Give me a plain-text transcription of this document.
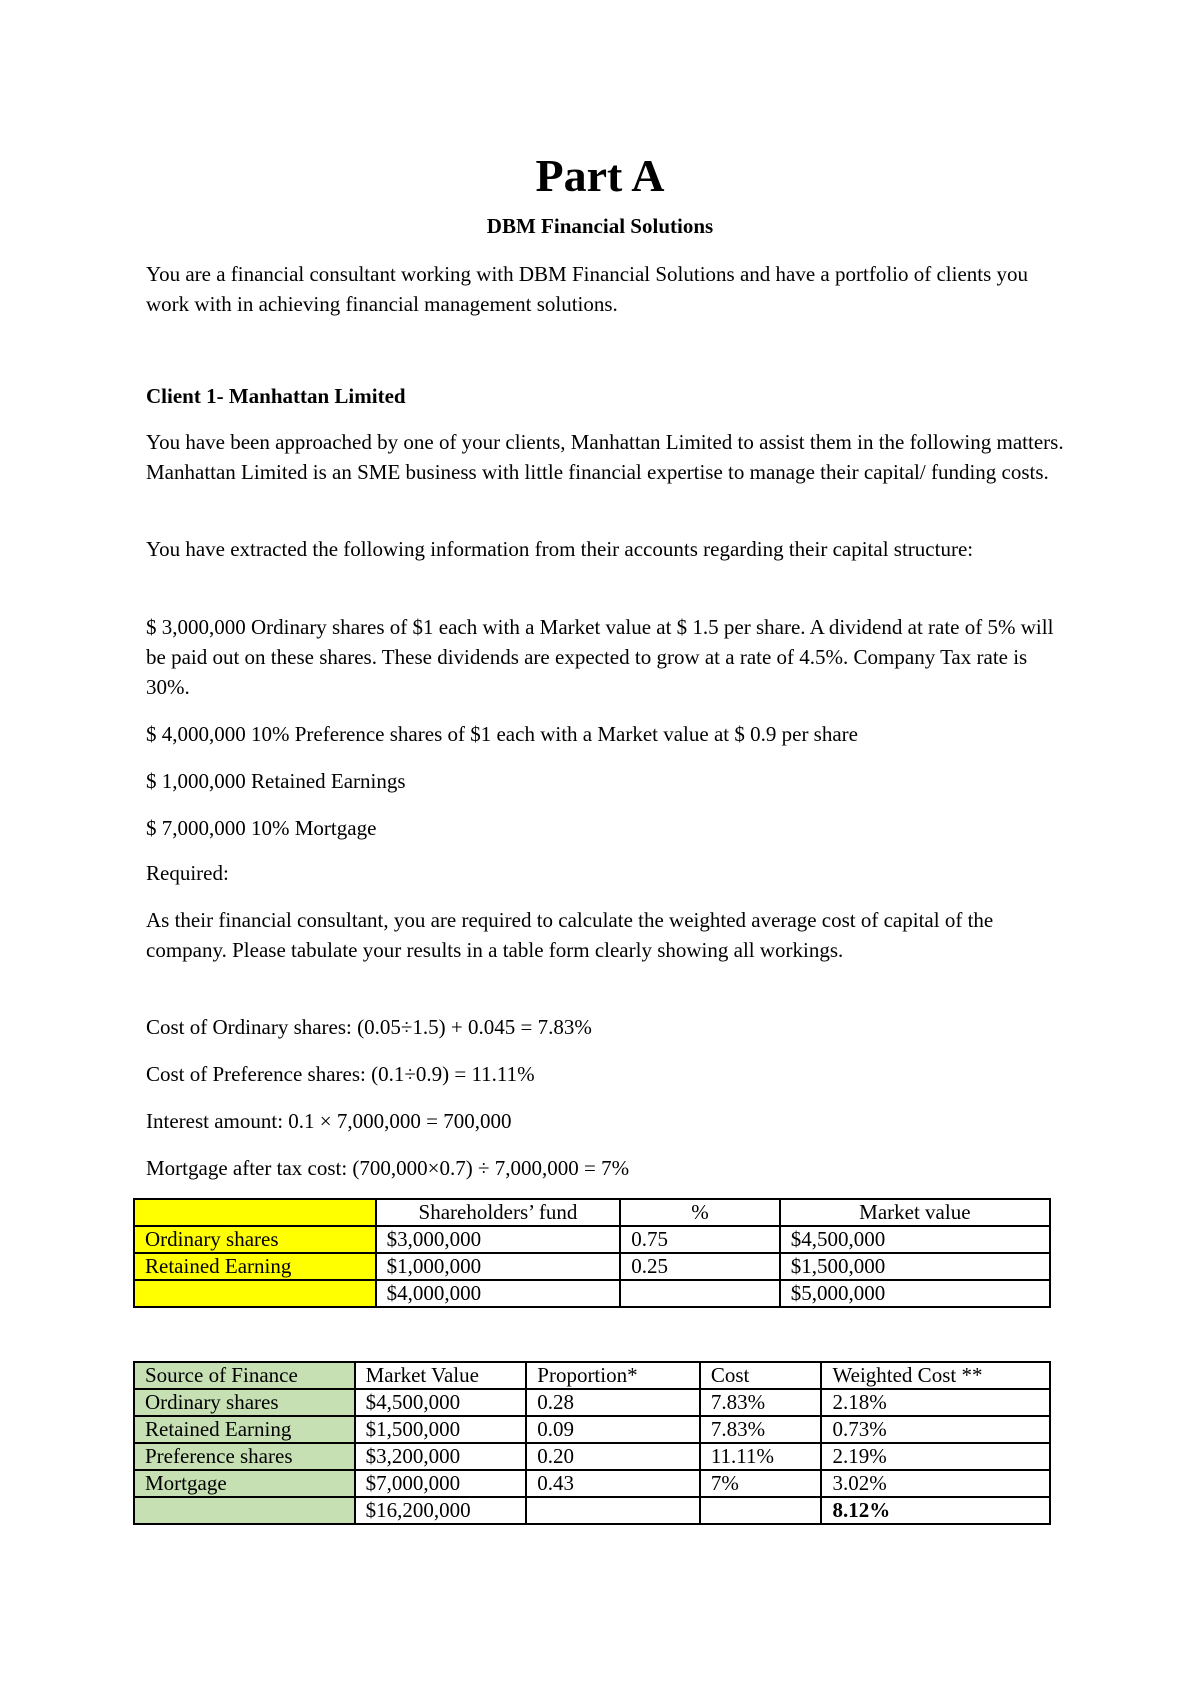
Part A
DBM Financial Solutions
You are a financial consultant working with DBM Financial Solutions and have a portfolio of clients you work with in achieving financial management solutions.
Client 1- Manhattan Limited
You have been approached by one of your clients, Manhattan Limited to assist them in the following matters. Manhattan Limited is an SME business with little financial expertise to manage their capital/ funding costs.
You have extracted the following information from their accounts regarding their capital structure:
$ 3,000,000 Ordinary shares of $1 each with a Market value at $ 1.5 per share. A dividend at rate of 5% will be paid out on these shares. These dividends are expected to grow at a rate of 4.5%. Company Tax rate is 30%.
$ 4,000,000 10% Preference shares of $1 each with a Market value at $ 0.9 per share
$ 1,000,000 Retained Earnings
$ 7,000,000 10% Mortgage
Required:
As their financial consultant, you are required to calculate the weighted average cost of capital of the company. Please tabulate your results in a table form clearly showing all workings.
Cost of Ordinary shares: (0.05÷1.5) + 0.045 = 7.83%
Cost of Preference shares: (0.1÷0.9) = 11.11%
Interest amount: 0.1 × 7,000,000 = 700,000
Mortgage after tax cost: (700,000×0.7) ÷ 7,000,000 = 7%
	Shareholders’ fund	%	Market value
Ordinary shares	$3,000,000	0.75	$4,500,000
Retained Earning	$1,000,000	0.25	$1,500,000
	$4,000,000		$5,000,000
Source of Finance	Market Value	Proportion*	Cost	Weighted Cost **
Ordinary shares	$4,500,000	0.28	7.83%	2.18%
Retained Earning	$1,500,000	0.09	7.83%	0.73%
Preference shares	$3,200,000	0.20	11.11%	2.19%
Mortgage	$7,000,000	0.43	7%	3.02%
	$16,200,000			8.12%
